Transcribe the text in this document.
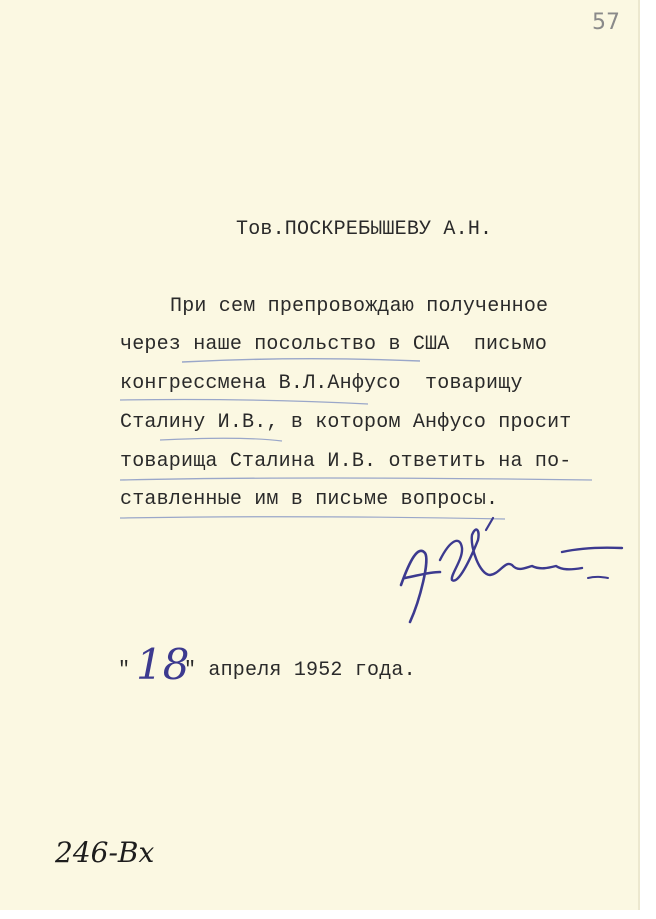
57
Тов.ПОСКРЕБЫШЕВУ А.Н.
При сем препровождаю полученное
через наше посольство в США  письмо
конгрессмена В.Л.Анфусо  товарищу
Сталину И.В., в котором Анфусо просит
товарища Сталина И.В. ответить на по-
ставленные им в письме вопросы.
" 18
" апреля 1952 года.
246-Вх
